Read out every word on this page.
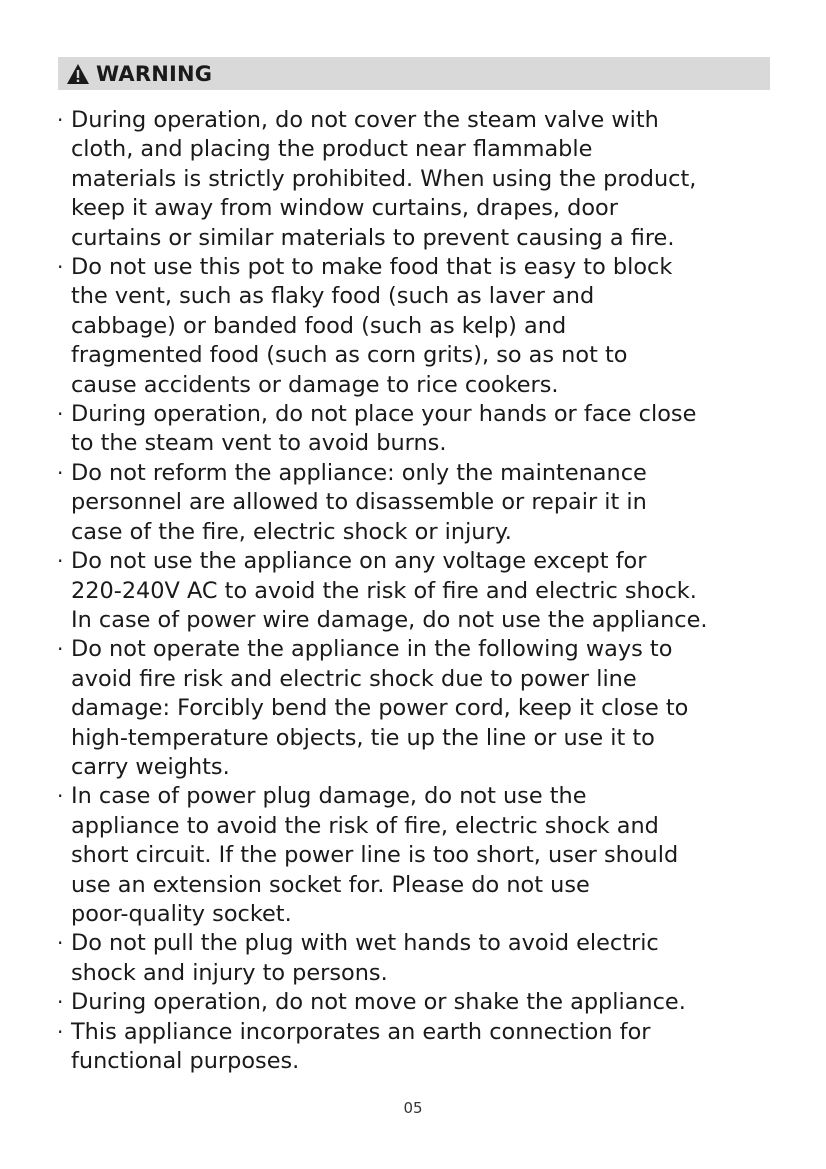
WARNING
· During operation, do not cover the steam valve with
cloth, and placing the product near flammable
materials is strictly prohibited. When using the product,
keep it away from window curtains, drapes, door
curtains or similar materials to prevent causing a fire.
· Do not use this pot to make food that is easy to block
the vent, such as flaky food (such as laver and
cabbage) or banded food (such as kelp) and
fragmented food (such as corn grits), so as not to
cause accidents or damage to rice cookers.
· During operation, do not place your hands or face close
to the steam vent to avoid burns.
· Do not reform the appliance: only the maintenance
personnel are allowed to disassemble or repair it in
case of the fire, electric shock or injury.
· Do not use the appliance on any voltage except for
220-240V AC to avoid the risk of fire and electric shock.
In case of power wire damage, do not use the appliance.
· Do not operate the appliance in the following ways to
avoid fire risk and electric shock due to power line
damage: Forcibly bend the power cord, keep it close to
high-temperature objects, tie up the line or use it to
carry weights.
· In case of power plug damage, do not use the
appliance to avoid the risk of fire, electric shock and
short circuit. If the power line is too short, user should
use an extension socket for. Please do not use
poor-quality socket.
· Do not pull the plug with wet hands to avoid electric
shock and injury to persons.
· During operation, do not move or shake the appliance.
· This appliance incorporates an earth connection for
functional purposes.
05
